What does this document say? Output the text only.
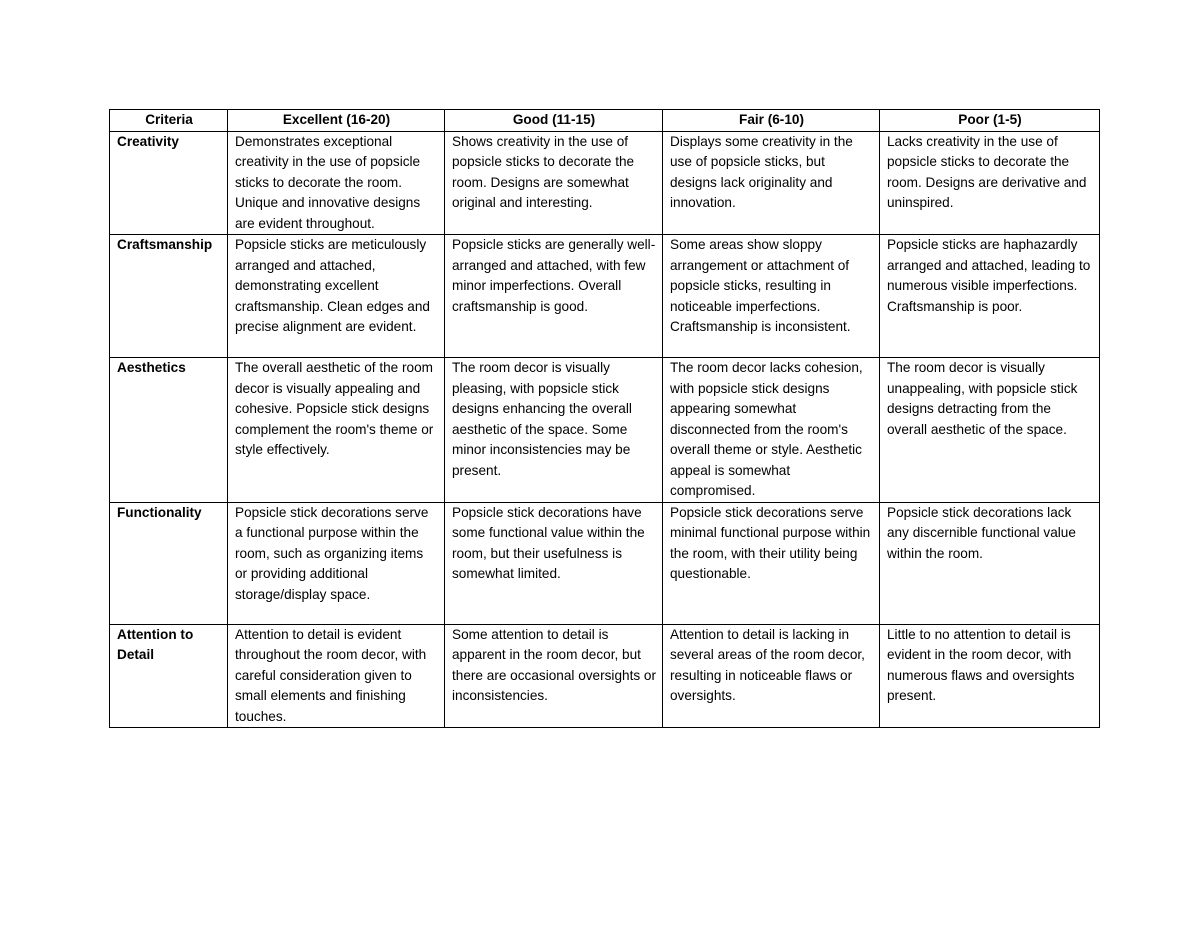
Criteria	Excellent (16-20)	Good (11-15)	Fair (6-10)	Poor (1-5)
Creativity	Demonstrates exceptional creativity in the use of popsicle sticks to decorate the room. Unique and innovative designs are evident throughout.	Shows creativity in the use of popsicle sticks to decorate the room. Designs are somewhat original and interesting.	Displays some creativity in the use of popsicle sticks, but designs lack originality and innovation.	Lacks creativity in the use of popsicle sticks to decorate the room. Designs are derivative and uninspired.
Craftsmanship	Popsicle sticks are meticulously arranged and attached, demonstrating excellent craftsmanship. Clean edges and precise alignment are evident.	Popsicle sticks are generally well-arranged and attached, with few minor imperfections. Overall craftsmanship is good.	Some areas show sloppy arrangement or attachment of popsicle sticks, resulting in noticeable imperfections. Craftsmanship is inconsistent.	Popsicle sticks are haphazardly arranged and attached, leading to numerous visible imperfections. Craftsmanship is poor.
Aesthetics	The overall aesthetic of the room decor is visually appealing and cohesive. Popsicle stick designs complement the room's theme or style effectively.	The room decor is visually pleasing, with popsicle stick designs enhancing the overall aesthetic of the space. Some minor inconsistencies may be present.	The room decor lacks cohesion, with popsicle stick designs appearing somewhat disconnected from the room's overall theme or style. Aesthetic appeal is somewhat compromised.	The room decor is visually unappealing, with popsicle stick designs detracting from the overall aesthetic of the space.
Functionality	Popsicle stick decorations serve a functional purpose within the room, such as organizing items or providing additional storage/display space.	Popsicle stick decorations have some functional value within the room, but their usefulness is somewhat limited.	Popsicle stick decorations serve minimal functional purpose within the room, with their utility being questionable.	Popsicle stick decorations lack any discernible functional value within the room.
Attention to Detail	Attention to detail is evident throughout the room decor, with careful consideration given to small elements and finishing touches.	Some attention to detail is apparent in the room decor, but there are occasional oversights or inconsistencies.	Attention to detail is lacking in several areas of the room decor, resulting in noticeable flaws or oversights.	Little to no attention to detail is evident in the room decor, with numerous flaws and oversights present.
